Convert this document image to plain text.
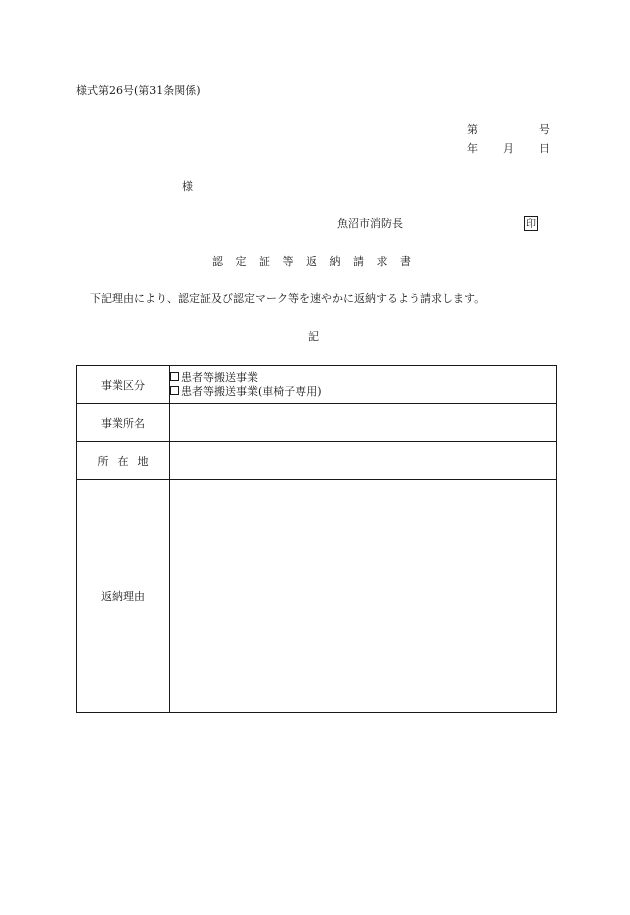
様式第26号(第31条関係)
第	号
年 月 日
様
魚沼市消防長	印
認定証等返納請求書
下記理由により、認定証及び認定マーク等を速やかに返納するよう請求します。
記
事業区分	患者等搬送事業
患者等搬送事業(車椅子専用)

事業所名	
所在地	
返納理由	
